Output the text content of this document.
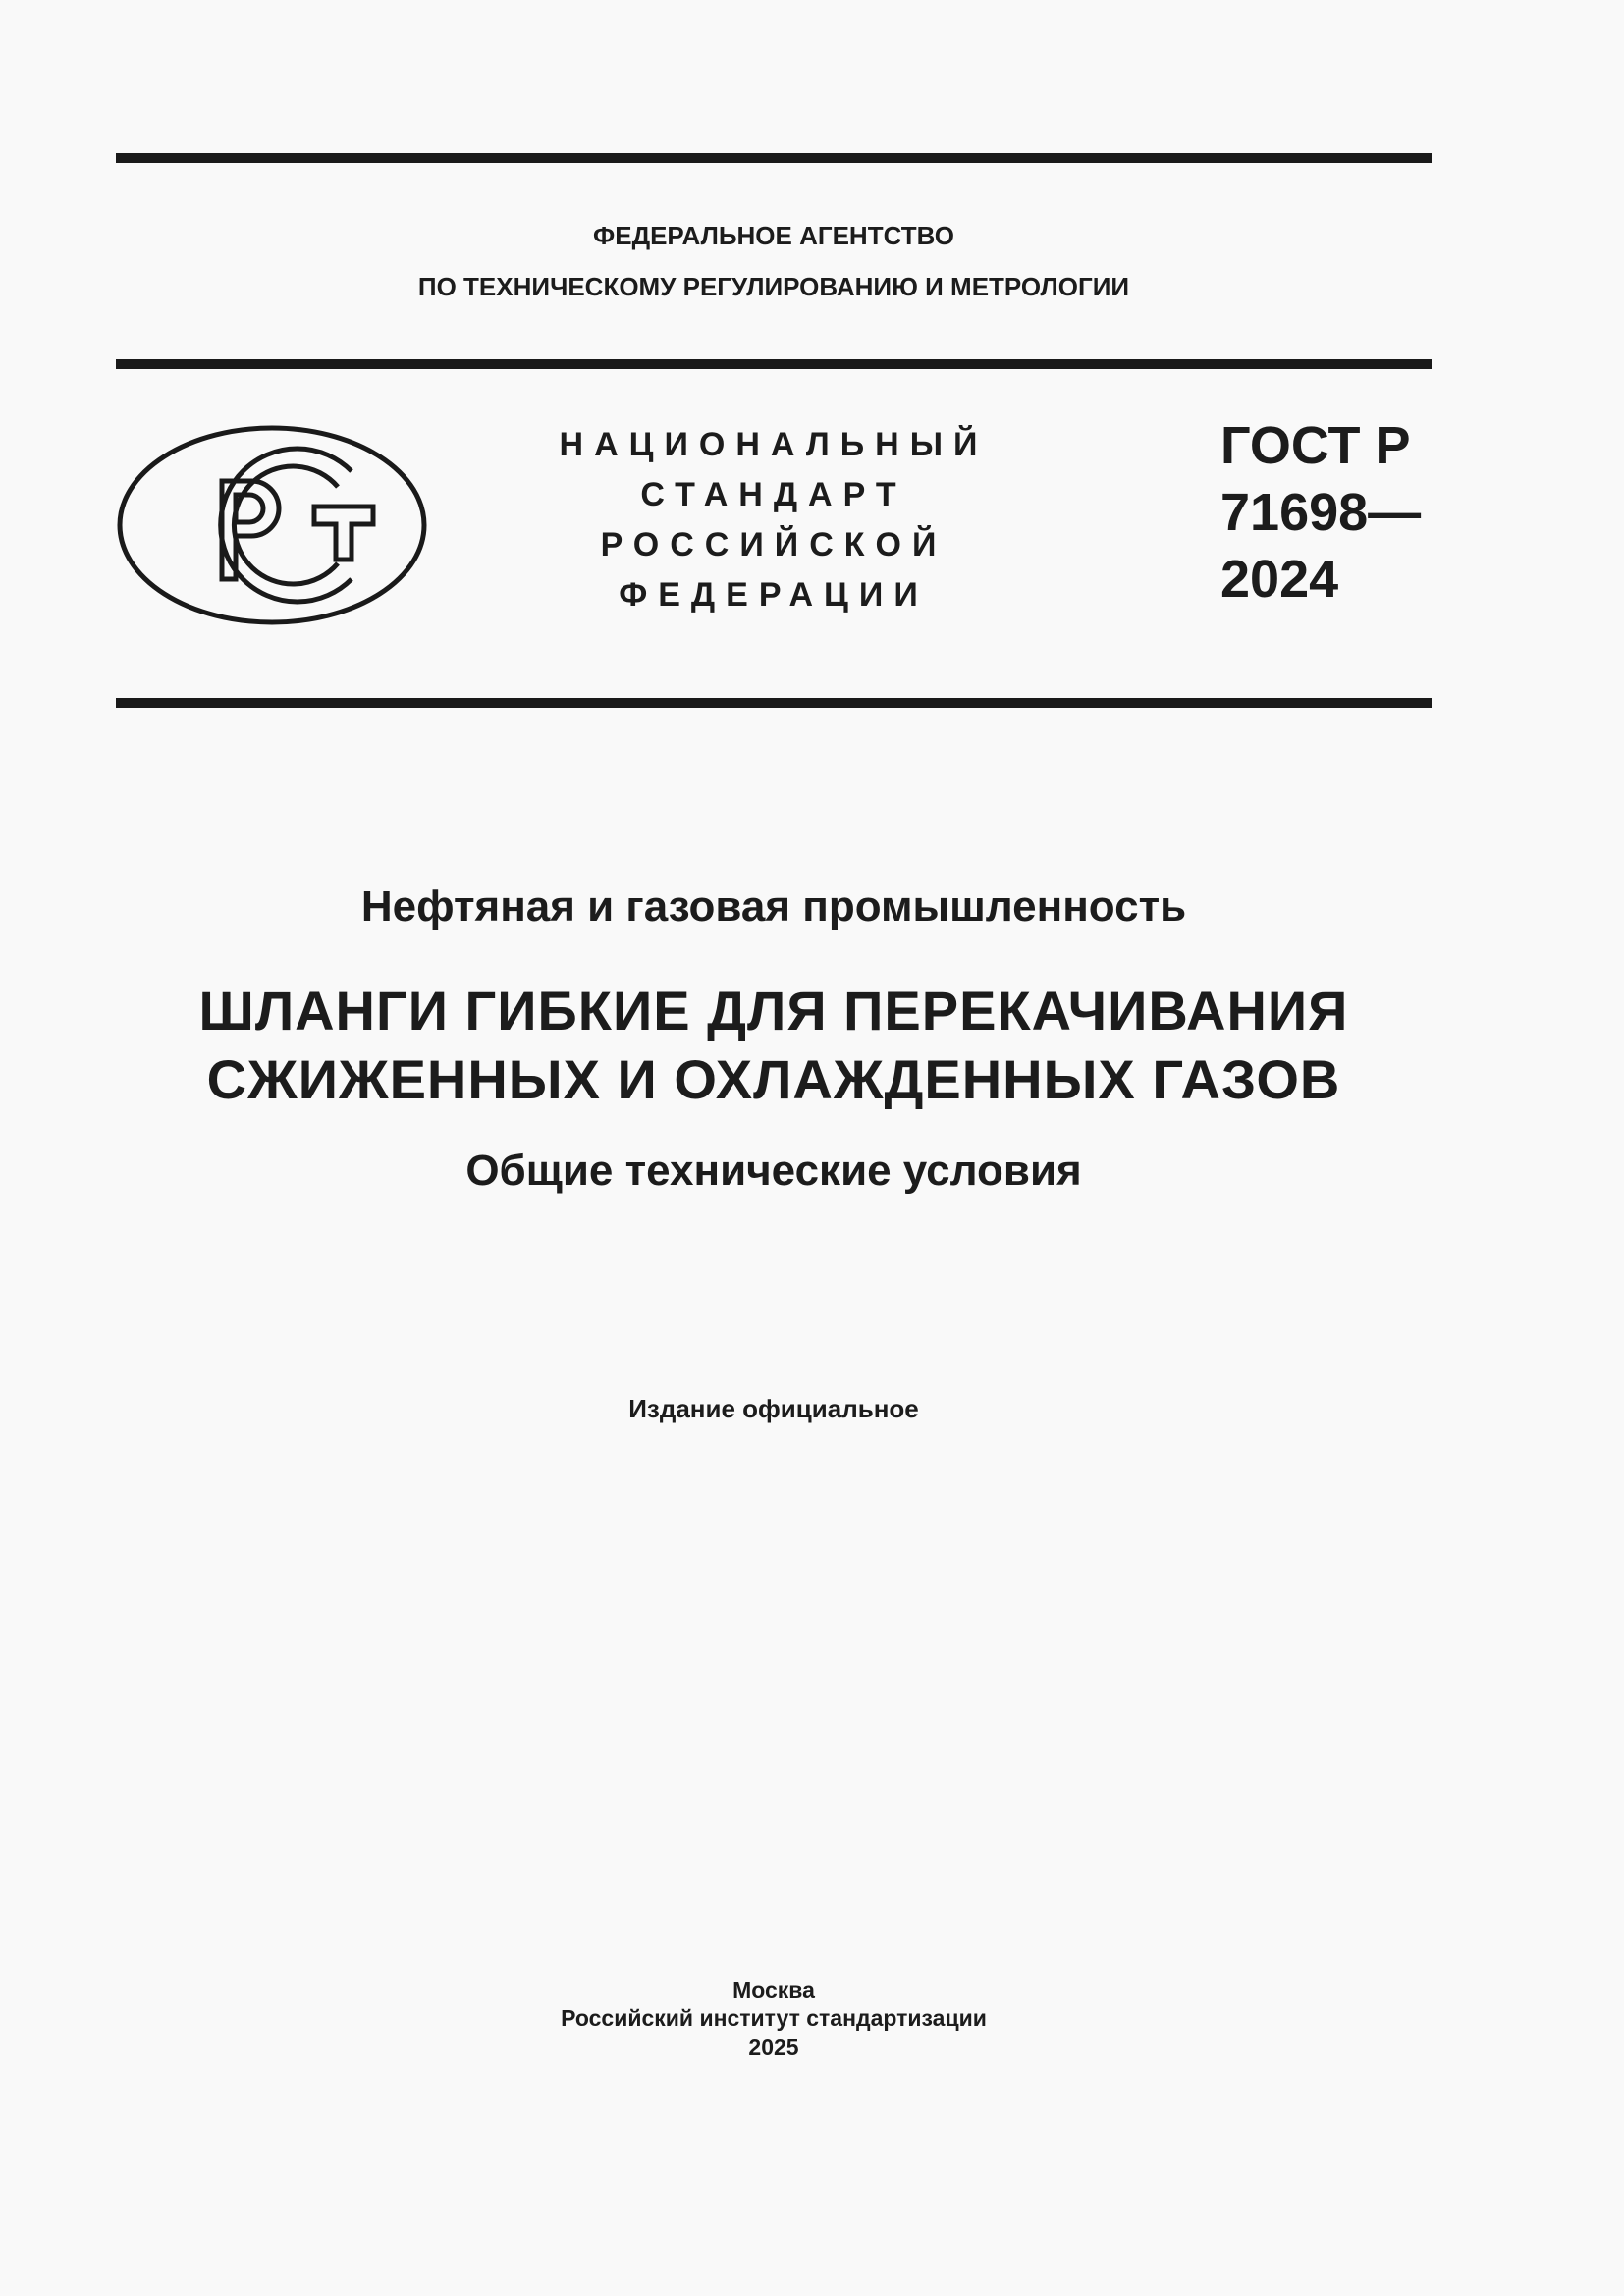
ФЕДЕРАЛЬНОЕ АГЕНТСТВО
ПО ТЕХНИЧЕСКОМУ РЕГУЛИРОВАНИЮ И МЕТРОЛОГИИ
НАЦИОНАЛЬНЫЙ
СТАНДАРТ
РОССИЙСКОЙ
ФЕДЕРАЦИИ
ГОСТ Р
71698—
2024
Нефтяная и газовая промышленность
ШЛАНГИ ГИБКИЕ ДЛЯ ПЕРЕКАЧИВАНИЯ
СЖИЖЕННЫХ И ОХЛАЖДЕННЫХ ГАЗОВ
Общие технические условия
Издание официальное
Москва
Российский институт стандартизации
2025
